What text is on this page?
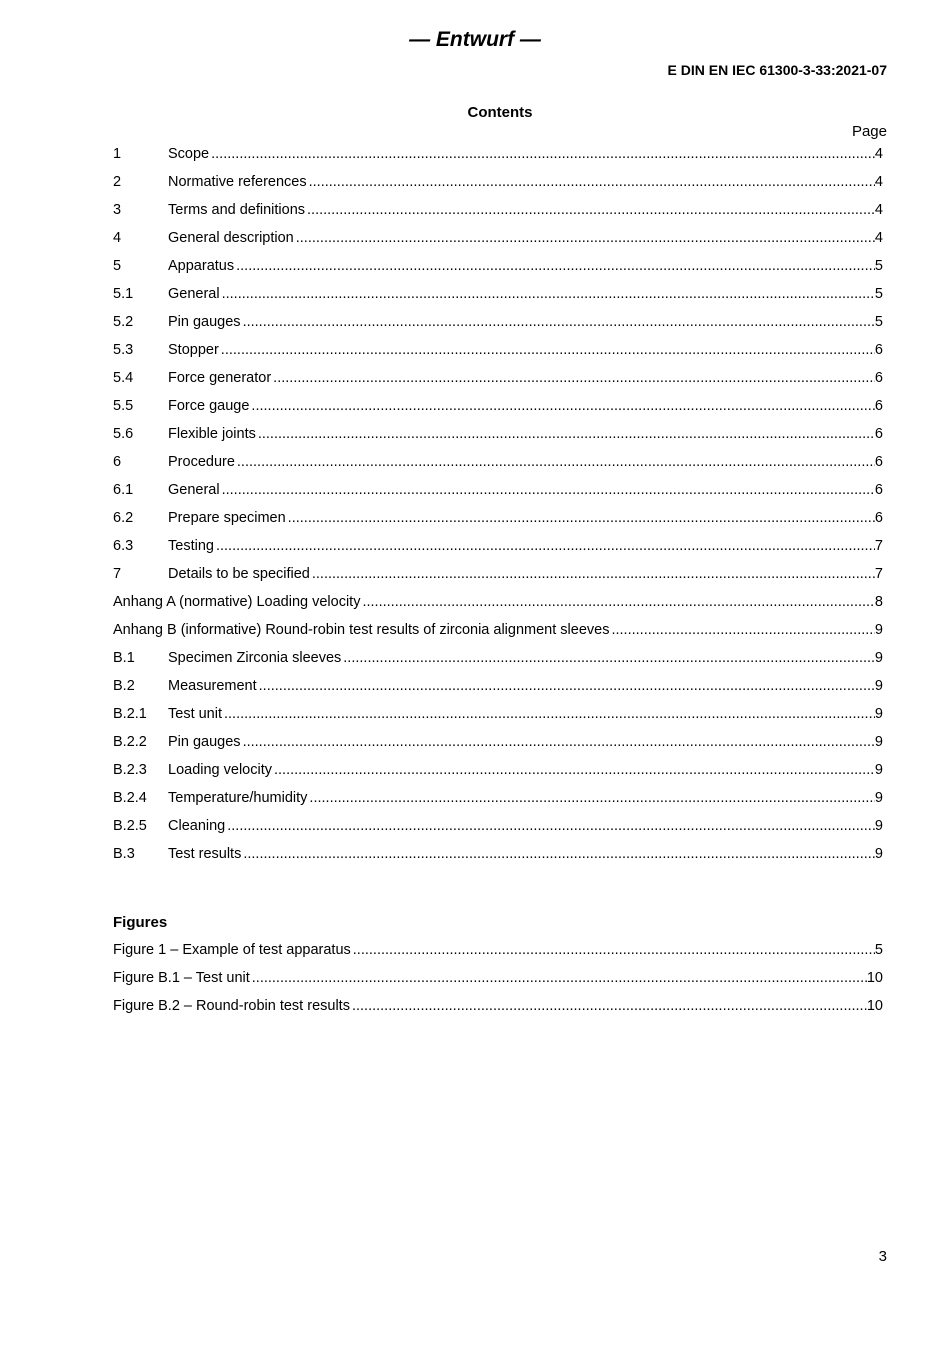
— Entwurf —
E DIN EN IEC 61300-3-33:2021-07
Contents
Page
1	Scope .....	4
2	Normative references .....	4
3	Terms and definitions .....	4
4	General description .....	4
5	Apparatus .....	5
5.1	General .....	5
5.2	Pin gauges .....	5
5.3	Stopper .....	6
5.4	Force generator .....	6
5.5	Force gauge .....	6
5.6	Flexible joints .....	6
6	Procedure .....	6
6.1	General .....	6
6.2	Prepare specimen .....	6
6.3	Testing .....	7
7	Details to be specified .....	7
Anhang A (normative) Loading velocity .....	8
Anhang B (informative) Round-robin test results of zirconia alignment sleeves .....	9
B.1	Specimen Zirconia sleeves .....	9
B.2	Measurement .....	9
B.2.1	Test unit .....	9
B.2.2	Pin gauges .....	9
B.2.3	Loading velocity .....	9
B.2.4	Temperature/humidity .....	9
B.2.5	Cleaning .....	9
B.3	Test results .....	9
Figures
Figure 1 – Example of test apparatus .....	5
Figure B.1 – Test unit .....	10
Figure B.2 – Round-robin test results .....	10
3
